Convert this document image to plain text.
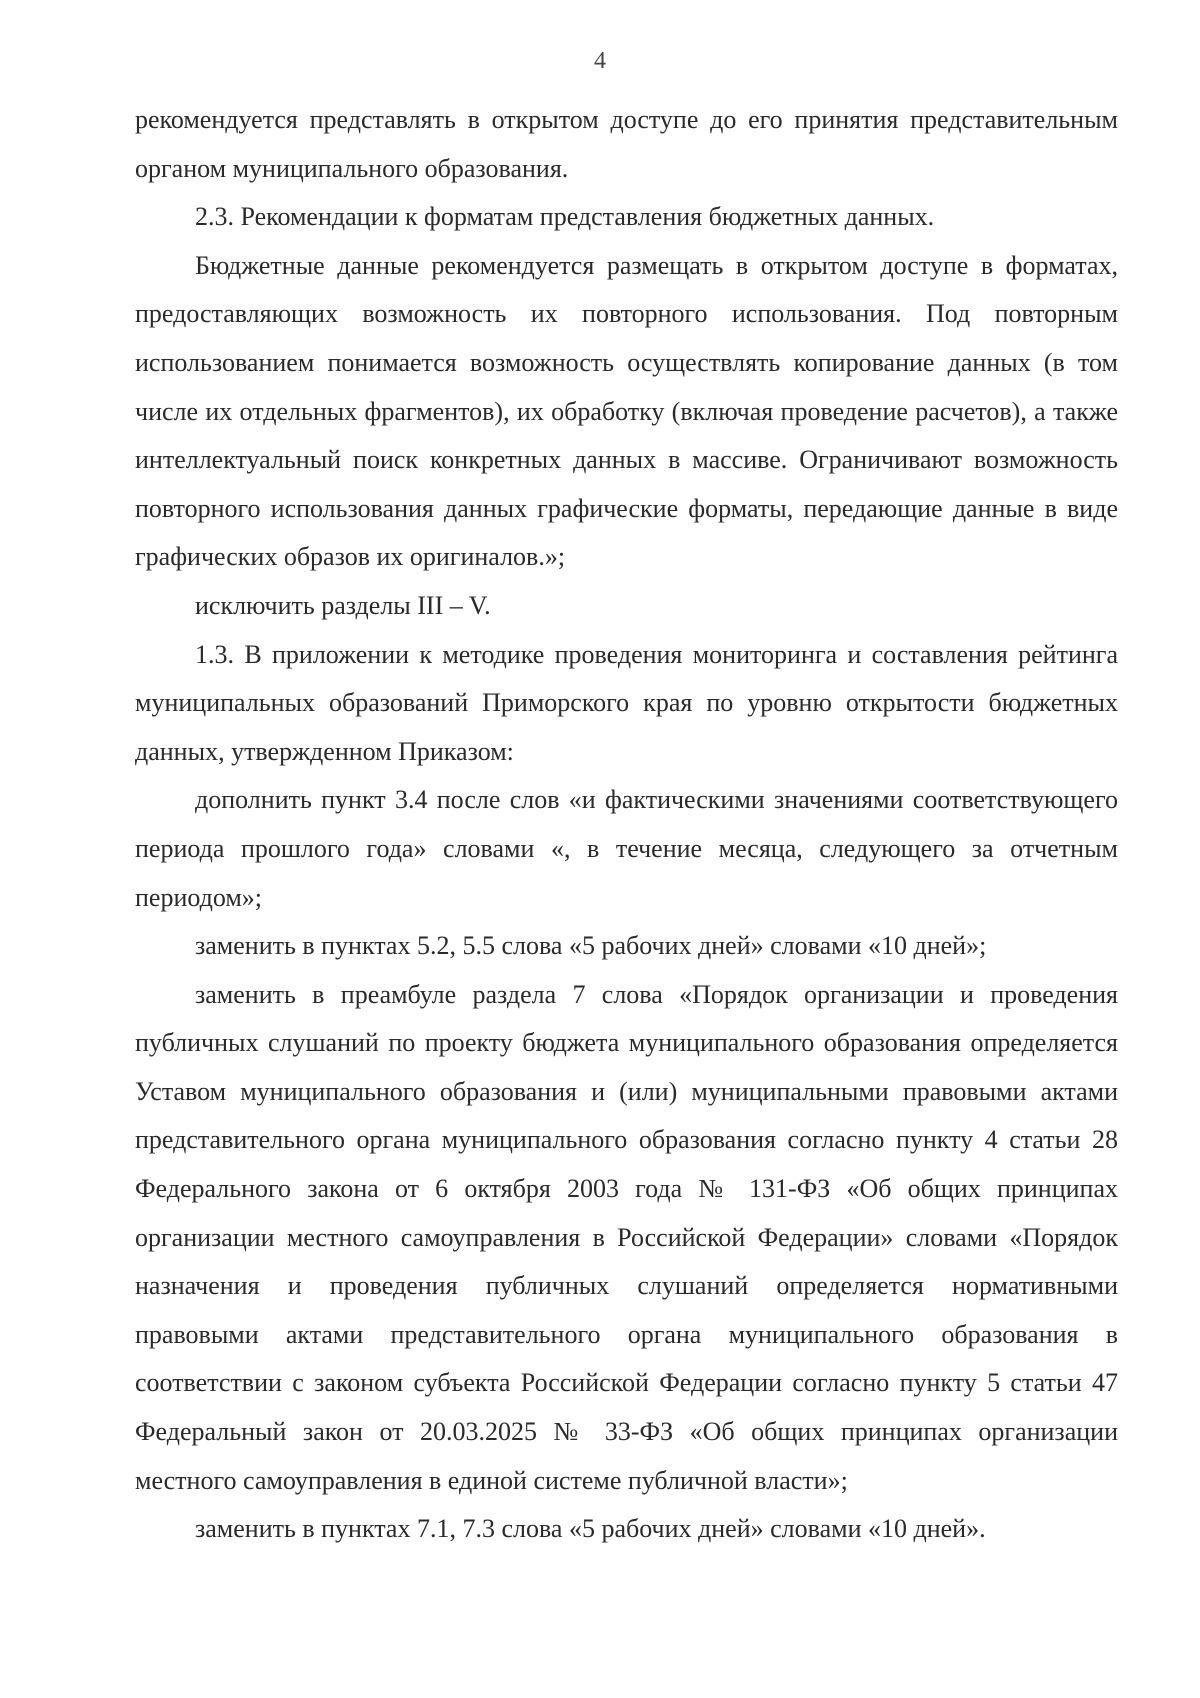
4

рекомендуется представлять в открытом доступе до его принятия представительным органом муниципального образования.

2.3. Рекомендации к форматам представления бюджетных данных.

Бюджетные данные рекомендуется размещать в открытом доступе в форматах, предоставляющих возможность их повторного использования. Под повторным использованием понимается возможность осуществлять копирование данных (в том числе их отдельных фрагментов), их обработку (включая проведение расчетов), а также интеллектуальный поиск конкретных данных в массиве. Ограничивают возможность повторного использования данных графические форматы, передающие данные в виде графических образов их оригиналов.»;

исключить разделы III – V.

1.3. В приложении к методике проведения мониторинга и составления рейтинга муниципальных образований Приморского края по уровню открытости бюджетных данных, утвержденном Приказом:

дополнить пункт 3.4 после слов «и фактическими значениями соответствующего периода прошлого года» словами «, в течение месяца, следующего за отчетным периодом»;

заменить в пунктах 5.2, 5.5 слова «5 рабочих дней» словами «10 дней»;

заменить в преамбуле раздела 7 слова «Порядок организации и проведения публичных слушаний по проекту бюджета муниципального образования определяется Уставом муниципального образования и (или) муниципальными правовыми актами представительного органа муниципального образования согласно пункту 4 статьи 28 Федерального закона от 6 октября 2003 года № 131-ФЗ «Об общих принципах организации местного самоуправления в Российской Федерации» словами «Порядок назначения и проведения публичных слушаний определяется нормативными правовыми актами представительного органа муниципального образования в соответствии с законом субъекта Российской Федерации согласно пункту 5 статьи 47 Федеральный закон от 20.03.2025 № 33-ФЗ «Об общих принципах организации местного самоуправления в единой системе публичной власти»;

заменить в пунктах 7.1, 7.3 слова «5 рабочих дней» словами «10 дней».
